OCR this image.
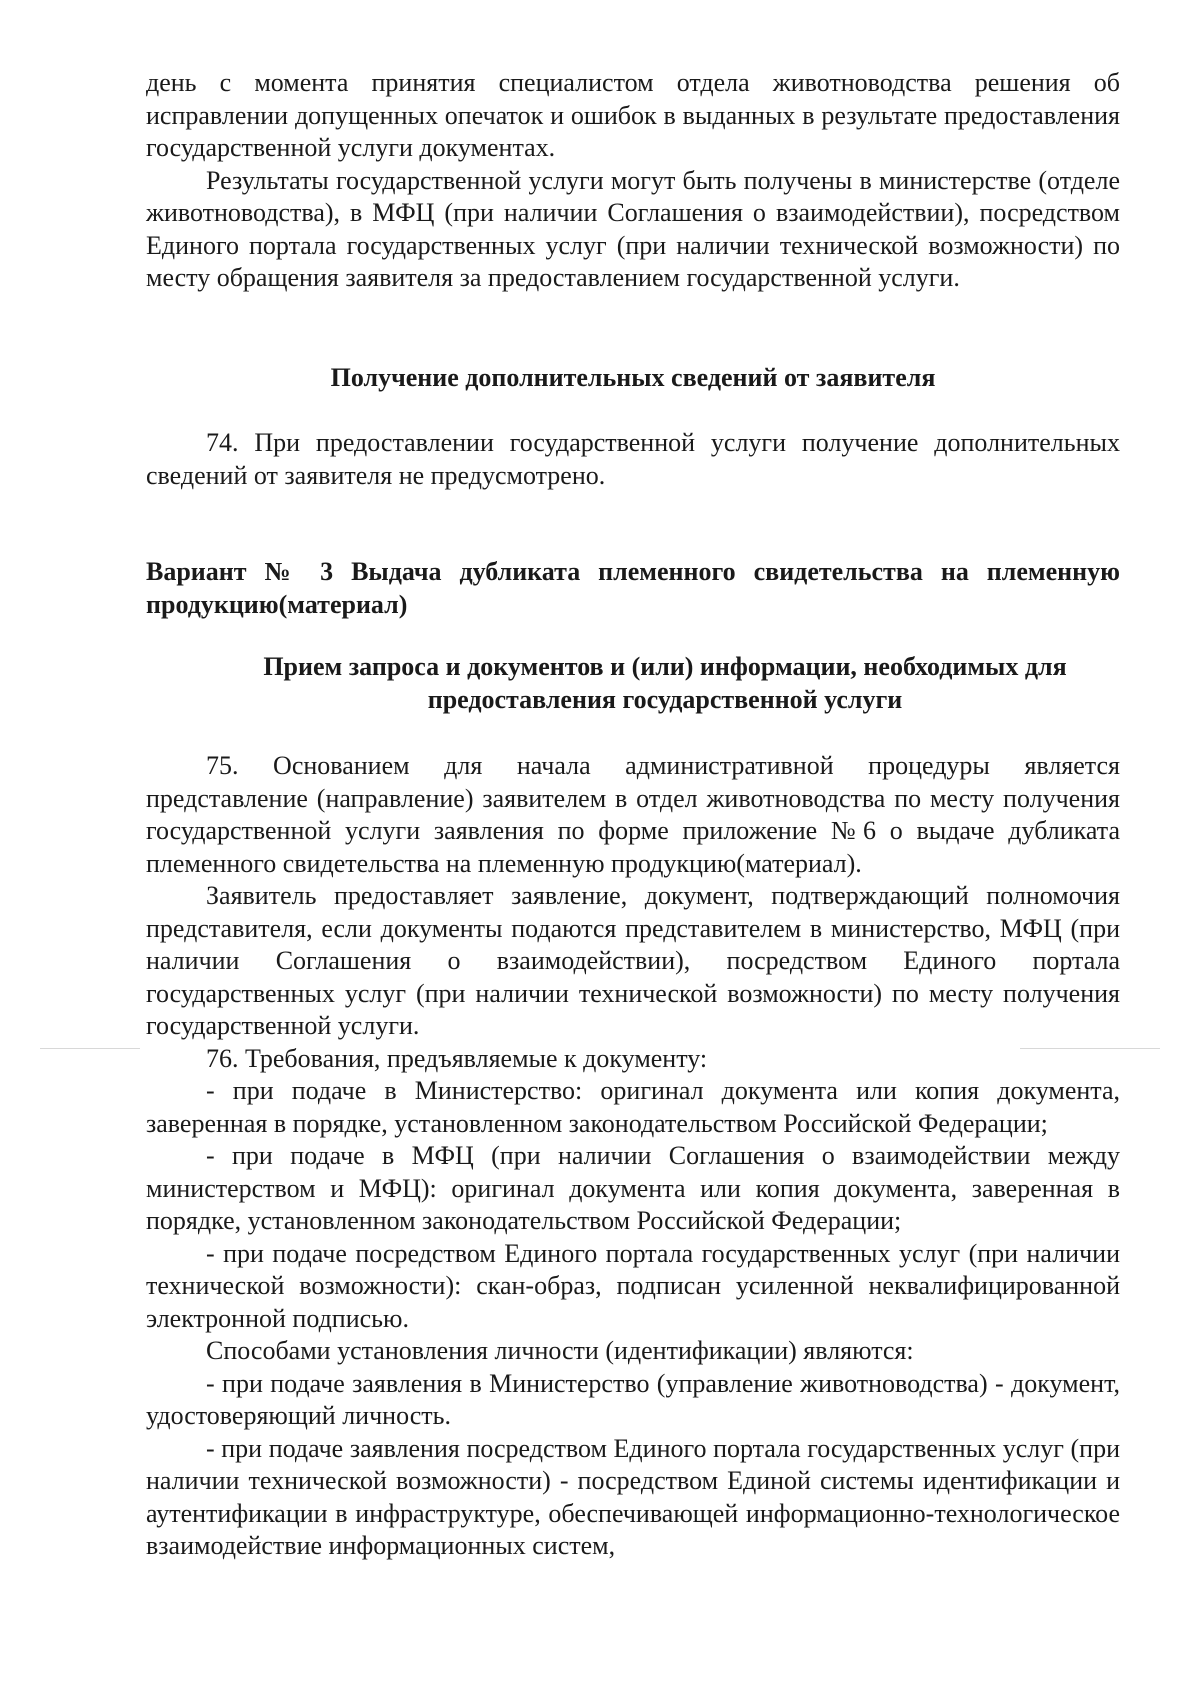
день с момента принятия специалистом отдела животноводства решения об исправлении допущенных опечаток и ошибок в выданных в результате предоставления государственной услуги документах.

Результаты государственной услуги могут быть получены в министерстве (отделе животноводства), в МФЦ (при наличии Соглашения о взаимодействии), посредством Единого портала государственных услуг (при наличии технической возможности) по месту обращения заявителя за предоставлением государственной услуги.

Получение дополнительных сведений от заявителя

74. При предоставлении государственной услуги получение дополнительных сведений от заявителя не предусмотрено.

Вариант № 3 Выдача дубликата племенного свидетельства на племенную продукцию(материал)
Прием запроса и документов и (или) информации, необходимых для предоставления государственной услуги

75. Основанием для начала административной процедуры является представление (направление) заявителем в отдел животноводства по месту получения государственной услуги заявления по форме приложение №6 о выдаче дубликата племенного свидетельства на племенную продукцию(материал).

Заявитель предоставляет заявление, документ, подтверждающий полномочия представителя, если документы подаются представителем в министерство, МФЦ (при наличии Соглашения о взаимодействии), посредством Единого портала государственных услуг (при наличии технической возможности) по месту получения государственной услуги.

76. Требования, предъявляемые к документу:

- при подаче в Министерство: оригинал документа или копия документа, заверенная в порядке, установленном законодательством Российской Федерации;

- при подаче в МФЦ (при наличии Соглашения о взаимодействии между министерством и МФЦ): оригинал документа или копия документа, заверенная в порядке, установленном законодательством Российской Федерации;

- при подаче посредством Единого портала государственных услуг (при наличии технической возможности): скан-образ, подписан усиленной неквалифицированной электронной подписью.

Способами установления личности (идентификации) являются:

- при подаче заявления в Министерство (управление животноводства) - документ, удостоверяющий личность.

- при подаче заявления посредством Единого портала государственных услуг (при наличии технической возможности) - посредством Единой системы идентификации и аутентификации в инфраструктуре, обеспечивающей информационно-технологическое взаимодействие информационных систем,
